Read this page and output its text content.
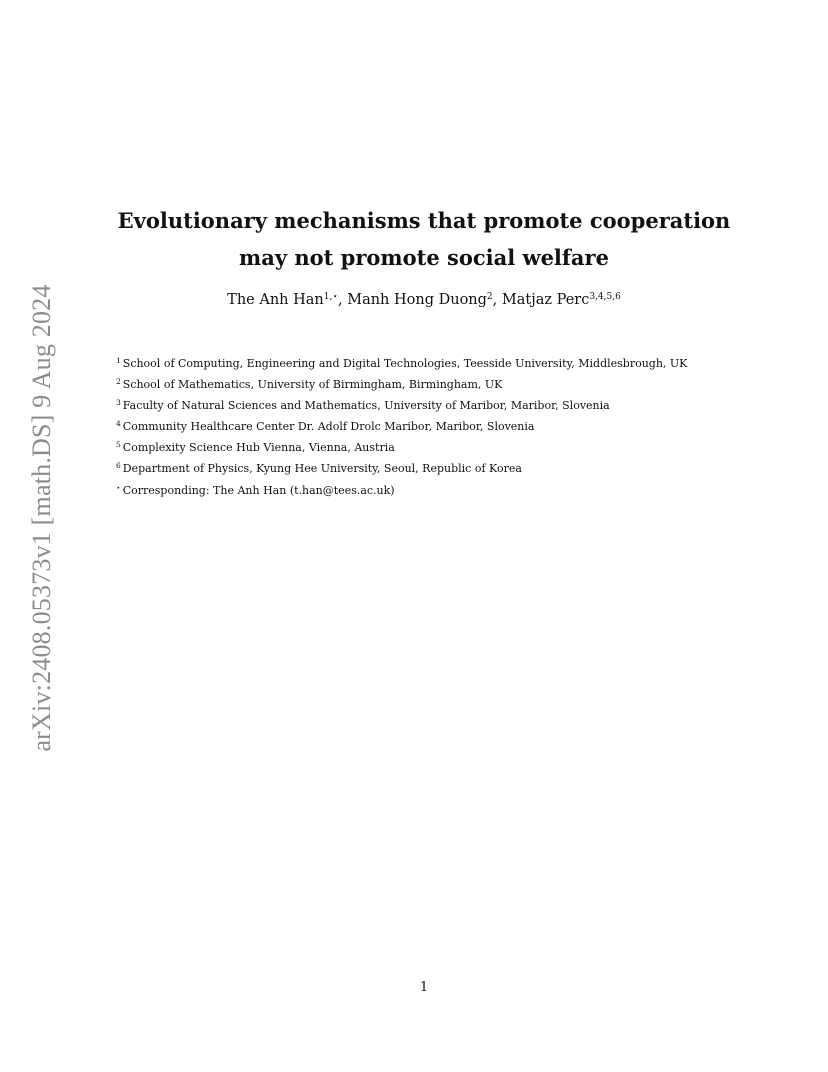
arXiv:2408.05373v1 [math.DS] 9 Aug 2024
Evolutionary mechanisms that promote cooperation
may not promote social welfare
The Anh Han$^{1,⋆}$, Manh Hong Duong$^2$, Matjaz Perc$^{3,4,5,6}$
$^1$ School of Computing, Engineering and Digital Technologies, Teesside University, Middlesbrough, UK
$^2$ School of Mathematics, University of Birmingham, Birmingham, UK
$^3$ Faculty of Natural Sciences and Mathematics, University of Maribor, Maribor, Slovenia
$^4$ Community Healthcare Center Dr. Adolf Drolc Maribor, Maribor, Slovenia
$^5$ Complexity Science Hub Vienna, Vienna, Austria
$^6$ Department of Physics, Kyung Hee University, Seoul, Republic of Korea
⋆ Corresponding: The Anh Han (t.han@tees.ac.uk)
1
